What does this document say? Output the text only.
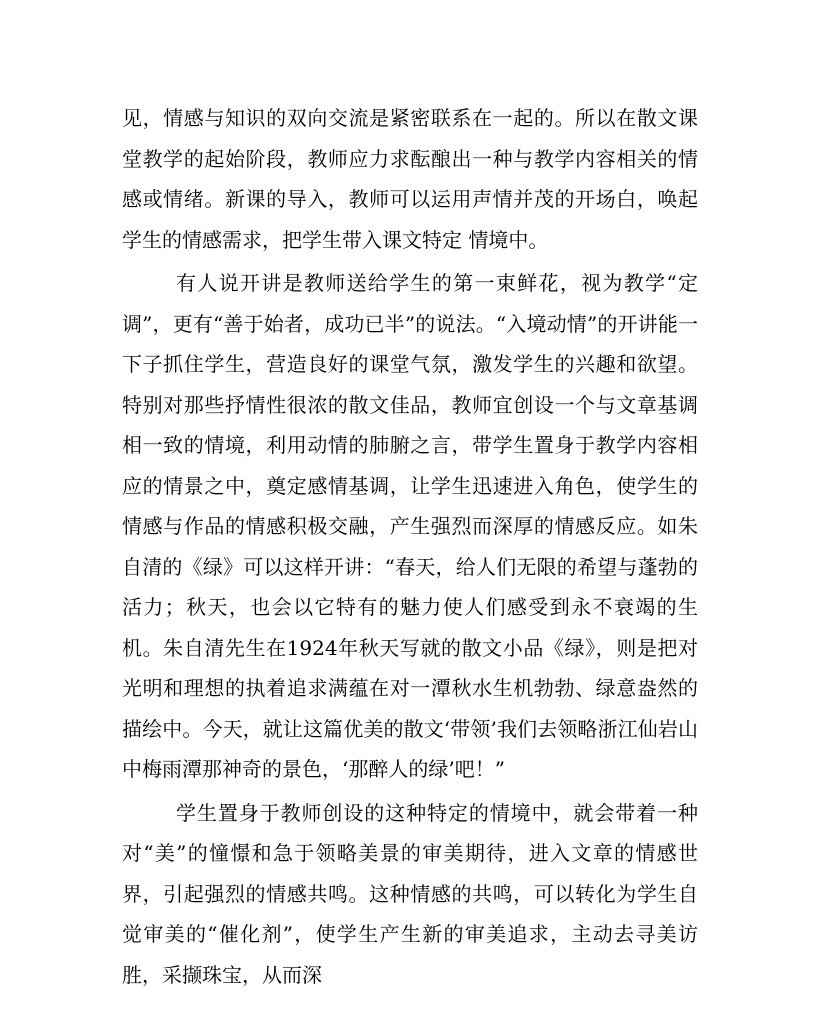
见，情感与知识的双向交流是紧密联系在一起的。所以在散文课堂教学的起始阶段，教师应力求酝酿出一种与教学内容相关的情感或情绪。新课的导入，教师可以运用声情并茂的开场白，唤起学生的情感需求，把学生带入课文特定 情境中。

有人说开讲是教师送给学生的第一束鲜花，视为教学“定调”，更有“善于始者，成功已半”的说法。“入境动情”的开讲能一下子抓住学生，营造良好的课堂气氛，激发学生的兴趣和欲望。特别对那些抒情性很浓的散文佳品，教师宜创设一个与文章基调相一致的情境，利用动情的肺腑之言，带学生置身于教学内容相应的情景之中，奠定感情基调，让学生迅速进入角色，使学生的情感与作品的情感积极交融，产生强烈而深厚的情感反应。如朱自清的《绿》可以这样开讲：“春天，给人们无限的希望与蓬勃的活力；秋天，也会以它特有的魅力使人们感受到永不衰竭的生机。朱自清先生在1924年秋天写就的散文小品《绿》，则是把对光明和理想的执着追求满蕴在对一潭秋水生机勃勃、绿意盎然的描绘中。今天，就让这篇优美的散文‘带领’我们去领略浙江仙岩山中梅雨潭那神奇的景色，‘那醉人的绿’吧！”

学生置身于教师创设的这种特定的情境中，就会带着一种对“美”的憧憬和急于领略美景的审美期待，进入文章的情感世界，引起强烈的情感共鸣。这种情感的共鸣，可以转化为学生自觉审美的“催化剂”，使学生产生新的审美追求，主动去寻美访胜，采撷珠宝，从而深
